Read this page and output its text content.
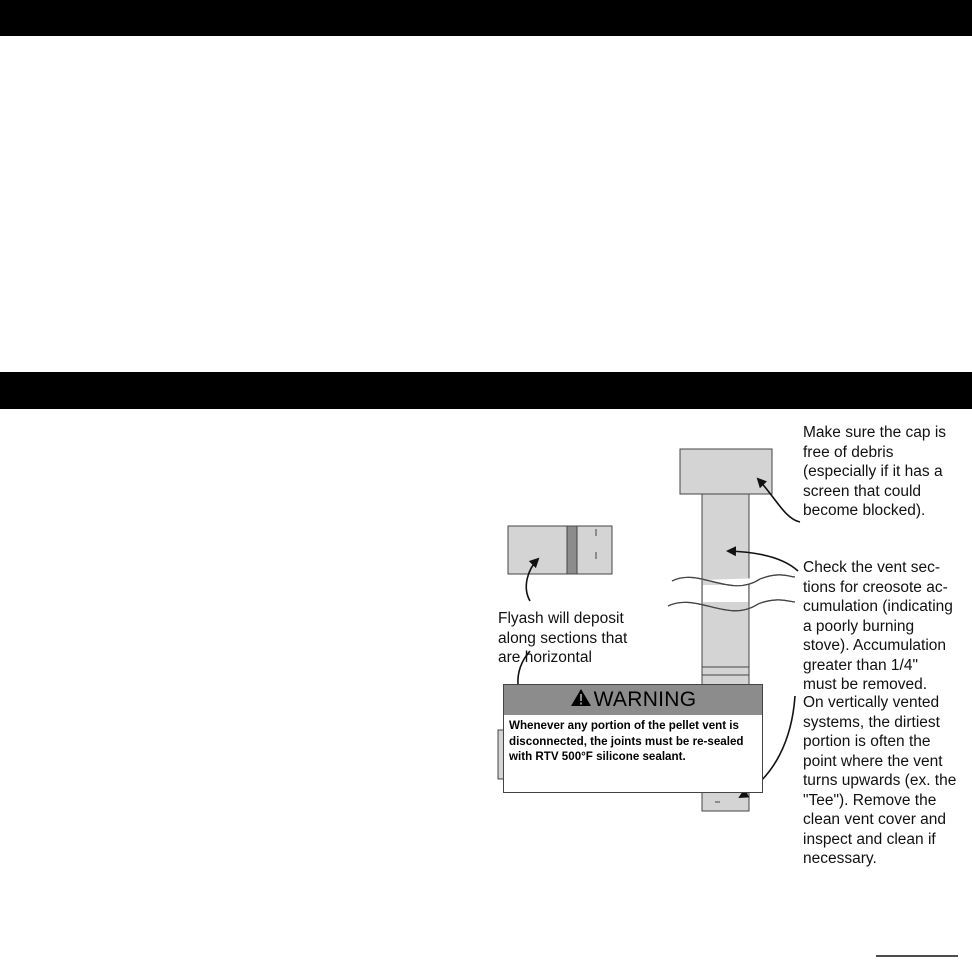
Make sure the cap is
free of debris
(especially if it has a
screen that could
become blocked).
Check the vent sec-
tions for creosote ac-
cumulation (indicating
a poorly burning
stove). Accumulation
greater than 1/4"
must be removed.
On vertically vented
systems, the dirtiest
portion is often the
point where the vent
turns upwards (ex. the
"Tee"). Remove the
clean vent cover and
inspect and clean if
necessary.
Flyash will deposit
along sections that
are horizontal
WARNING
Whenever any portion of the pellet vent is disconnected, the joints must be re-sealed with RTV 500°F silicone sealant.
